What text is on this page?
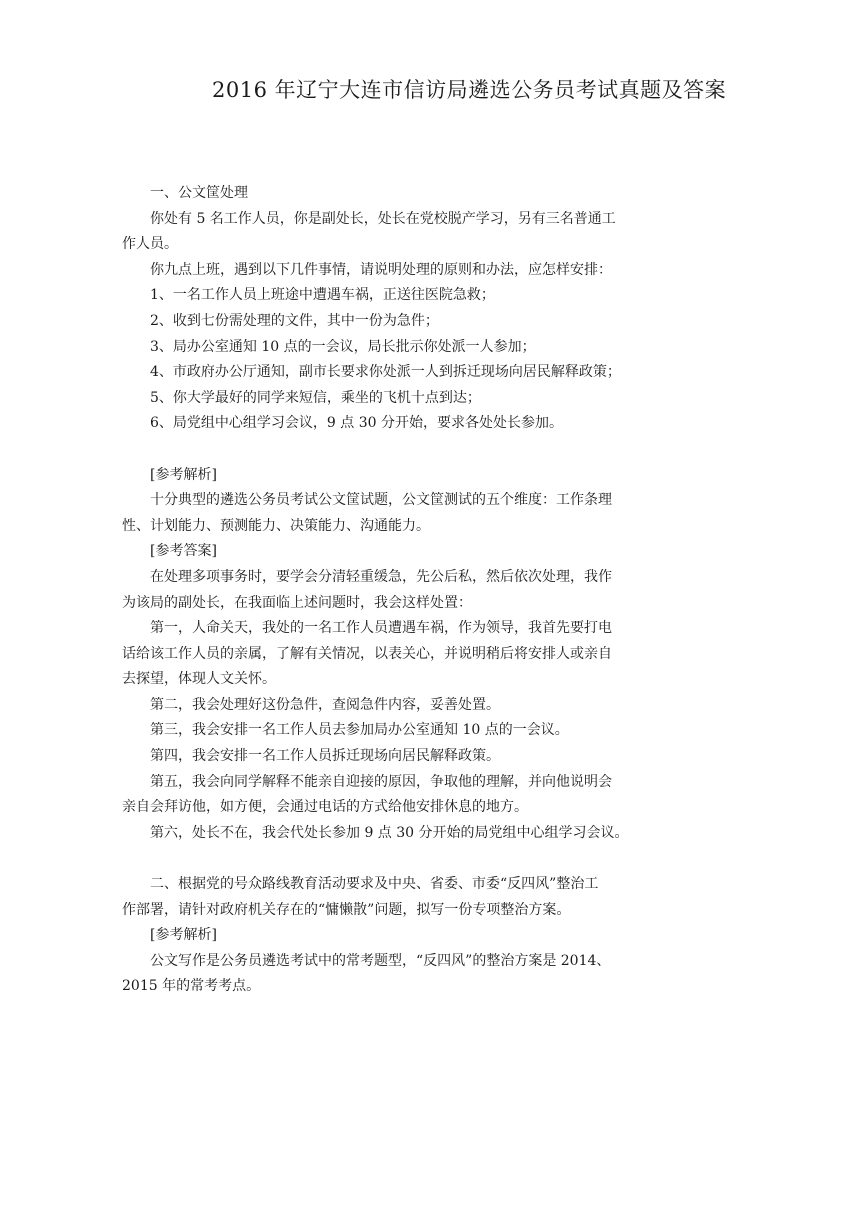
2016 年辽宁大连市信访局遴选公务员考试真题及答案

一、公文筐处理

你处有 5 名工作人员，你是副处长，处长在党校脱产学习，另有三名普通工
作人员。

你九点上班，遇到以下几件事情，请说明处理的原则和办法，应怎样安排：

1、一名工作人员上班途中遭遇车祸，正送往医院急救；

2、收到七份需处理的文件，其中一份为急件；

3、局办公室通知 10 点的一会议，局长批示你处派一人参加；

4、市政府办公厅通知，副市长要求你处派一人到拆迁现场向居民解释政策；

5、你大学最好的同学来短信，乘坐的飞机十点到达；

6、局党组中心组学习会议，9 点 30 分开始，要求各处处长参加。

[参考解析]

十分典型的遴选公务员考试公文筐试题，公文筐测试的五个维度：工作条理
性、计划能力、预测能力、决策能力、沟通能力。

[参考答案]

在处理多项事务时，要学会分清轻重缓急，先公后私，然后依次处理，我作
为该局的副处长，在我面临上述问题时，我会这样处置：
第一，人命关天，我处的一名工作人员遭遇车祸，作为领导，我首先要打电
话给该工作人员的亲属，了解有关情况，以表关心，并说明稍后将安排人或亲自
去探望，体现人文关怀。

第二，我会处理好这份急件，查阅急件内容，妥善处置。

第三，我会安排一名工作人员去参加局办公室通知 10 点的一会议。

第四，我会安排一名工作人员拆迁现场向居民解释政策。

第五，我会向同学解释不能亲自迎接的原因，争取他的理解，并向他说明会
亲自会拜访他，如方便，会通过电话的方式给他安排休息的地方。

第六，处长不在，我会代处长参加 9 点 30 分开始的局党组中心组学习会议。

二、根据党的号众路线教育活动要求及中央、省委、市委“反四风”整治工
作部署，请针对政府机关存在的“慵懒散”问题，拟写一份专项整治方案。

[参考解析]

公文写作是公务员遴选考试中的常考题型，“反四风”的整治方案是 2014、
2015 年的常考考点。
